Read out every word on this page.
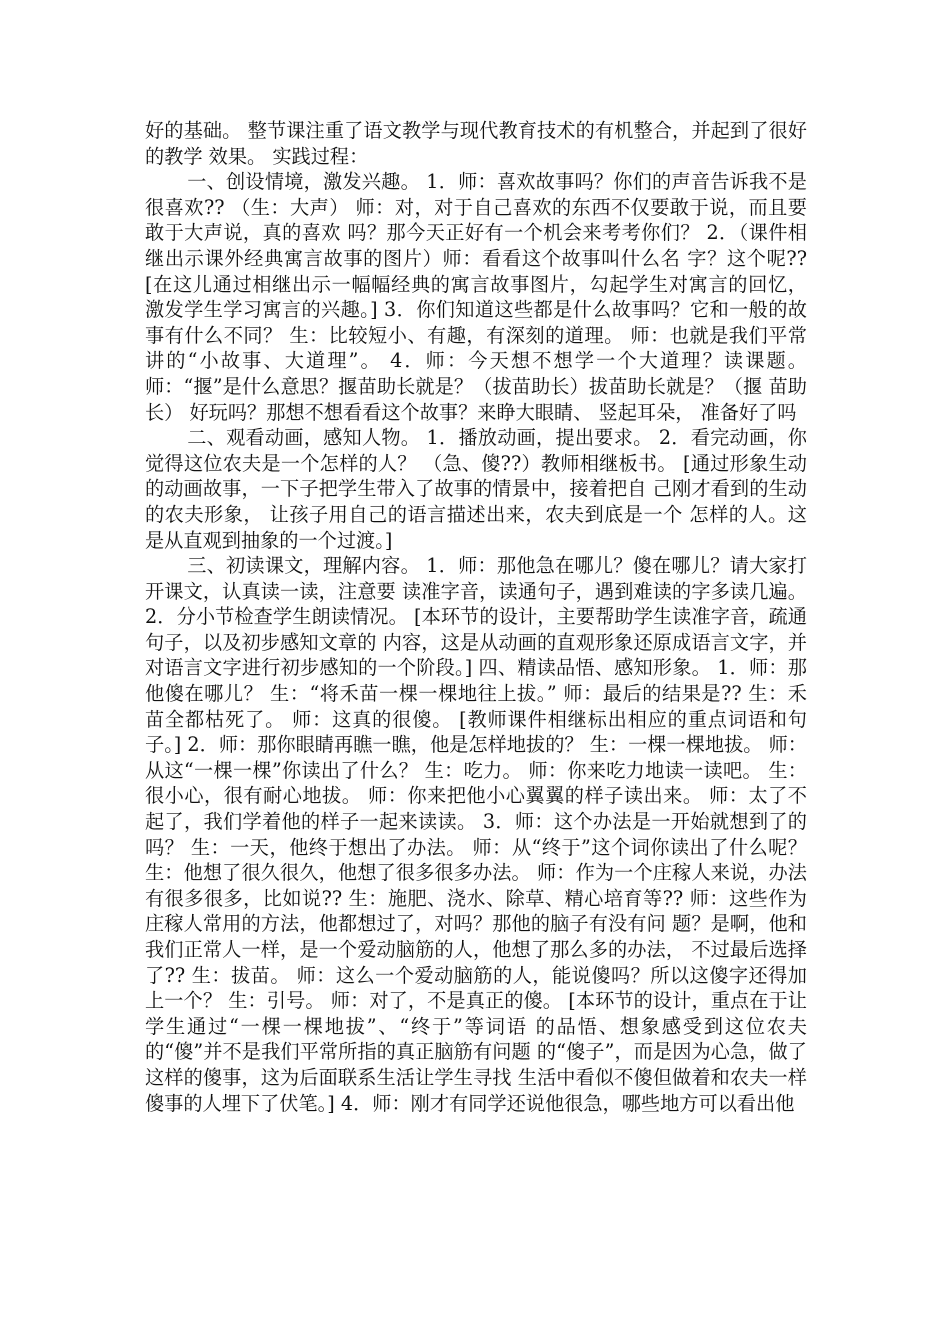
好的基础。 整节课注重了语文教学与现代教育技术的有机整合，并起到了很好的教学 效果。 实践过程：

一、创设情境，激发兴趣。 1．师：喜欢故事吗？你们的声音告诉我不是很喜欢?? （生：大声） 师：对，对于自己喜欢的东西不仅要敢于说，而且要敢于大声说，真的喜欢 吗？那今天正好有一个机会来考考你们？ 2．（课件相继出示课外经典寓言故事的图片）师：看看这个故事叫什么名 字？这个呢?? [在这儿通过相继出示一幅幅经典的寓言故事图片，勾起学生对寓言的回忆， 激发学生学习寓言的兴趣。] 3．你们知道这些都是什么故事吗？它和一般的故事有什么不同？ 生：比较短小、有趣，有深刻的道理。 师：也就是我们平常讲的“小故事、大道理”。 4．师：今天想不想学一个大道理？读课题。 师：“揠”是什么意思？揠苗助长就是？（拔苗助长）拔苗助长就是？（揠 苗助长） 好玩吗？那想不想看看这个故事？来睁大眼睛、 竖起耳朵， 准备好了吗

二、观看动画，感知人物。 1．播放动画，提出要求。 2．看完动画，你觉得这位农夫是一个怎样的人？ （急、傻??）教师相继板书。 [通过形象生动的动画故事，一下子把学生带入了故事的情景中，接着把自 己刚才看到的生动的农夫形象， 让孩子用自己的语言描述出来，农夫到底是一个 怎样的人。这是从直观到抽象的一个过渡。]

三、初读课文，理解内容。 1．师：那他急在哪儿？傻在哪儿？请大家打开课文，认真读一读，注意要 读准字音，读通句子，遇到难读的字多读几遍。 2．分小节检查学生朗读情况。 [本环节的设计，主要帮助学生读准字音，疏通句子，以及初步感知文章的 内容，这是从动画的直观形象还原成语言文字，并对语言文字进行初步感知的一个阶段。] 四、精读品悟、感知形象。 1．师：那他傻在哪儿？ 生：“将禾苗一棵一棵地往上拔。” 师：最后的结果是?? 生：禾苗全都枯死了。 师：这真的很傻。 [教师课件相继标出相应的重点词语和句子。] 2．师：那你眼睛再瞧一瞧，他是怎样地拔的？ 生：一棵一棵地拔。 师：从这“一棵一棵”你读出了什么？ 生：吃力。 师：你来吃力地读一读吧。 生：很小心，很有耐心地拔。 师：你来把他小心翼翼的样子读出来。 师：太了不起了，我们学着他的样子一起来读读。 3．师：这个办法是一开始就想到了的吗？ 生：一天，他终于想出了办法。 师：从“终于”这个词你读出了什么呢？ 生：他想了很久很久，他想了很多很多办法。 师：作为一个庄稼人来说，办法有很多很多，比如说?? 生：施肥、浇水、除草、精心培育等?? 师：这些作为庄稼人常用的方法，他都想过了，对吗？那他的脑子有没有问 题？是啊，他和我们正常人一样，是一个爱动脑筋的人，他想了那么多的办法， 不过最后选择了?? 生：拔苗。 师：这么一个爱动脑筋的人，能说傻吗？所以这傻字还得加上一个？ 生：引号。 师：对了，不是真正的傻。 [本环节的设计，重点在于让学生通过“一棵一棵地拔”、“终于”等词语 的品悟、想象感受到这位农夫的“傻”并不是我们平常所指的真正脑筋有问题 的“傻子”，而是因为心急，做了这样的傻事，这为后面联系生活让学生寻找 生活中看似不傻但做着和农夫一样傻事的人埋下了伏笔。] 4．师：刚才有同学还说他很急，哪些地方可以看出他
